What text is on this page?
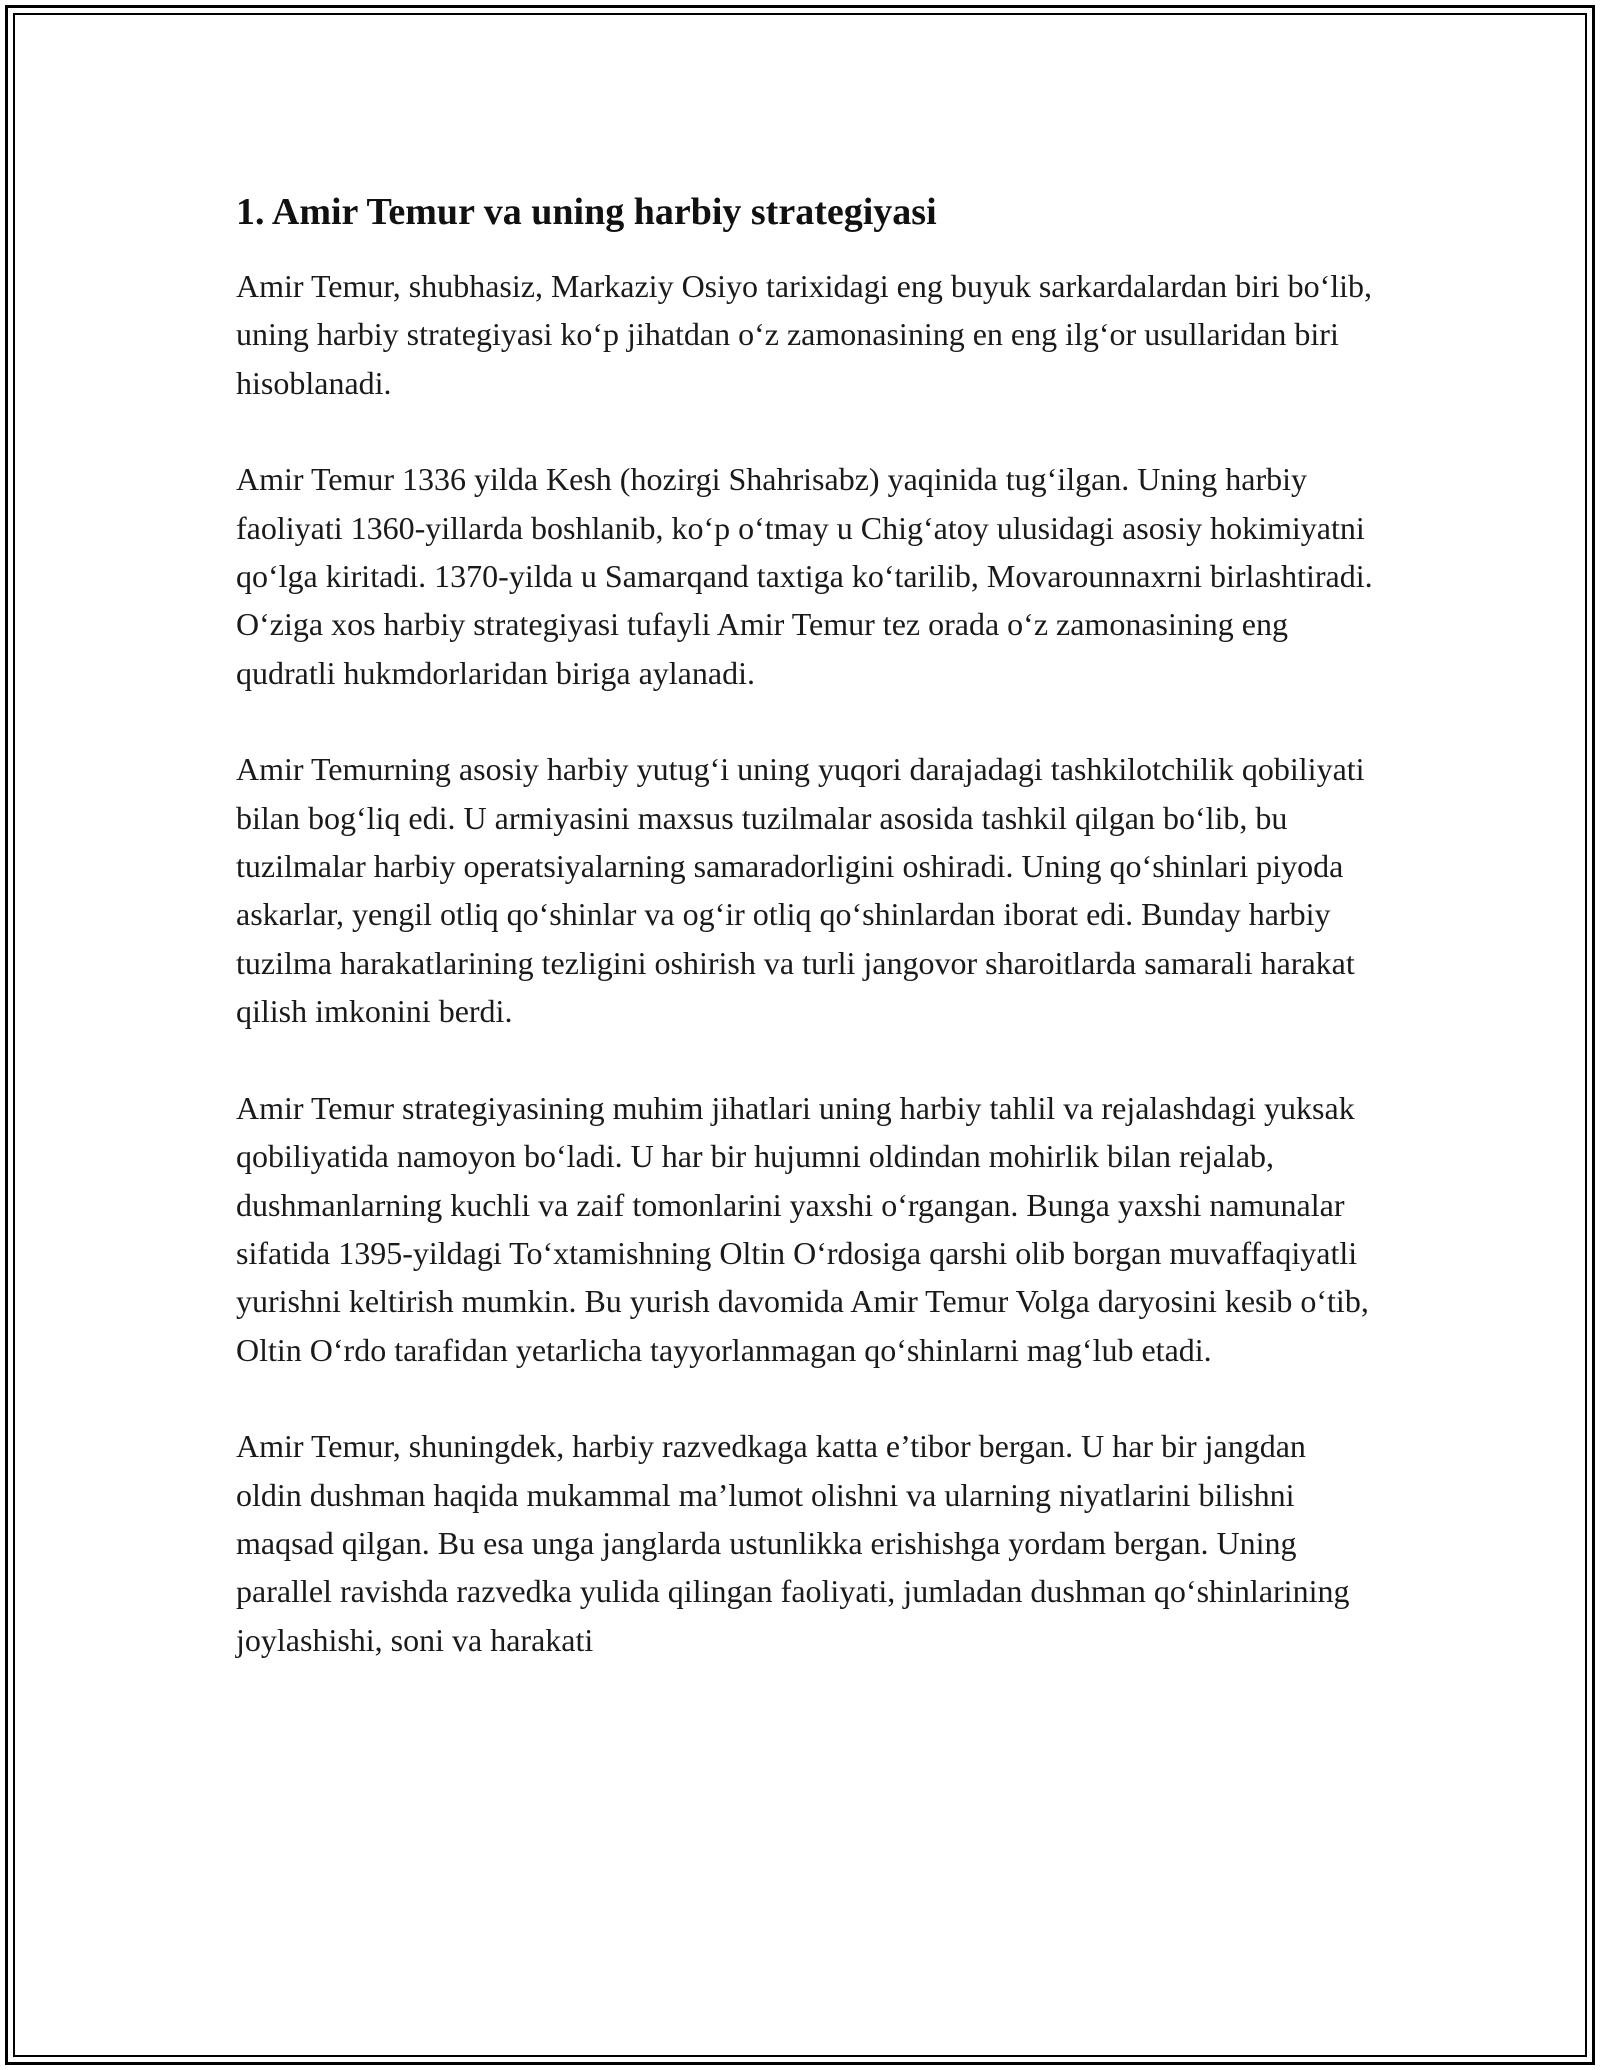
1. Amir Temur va uning harbiy strategiyasi

Amir Temur, shubhasiz, Markaziy Osiyo tarixidagi eng buyuk sarkardalardan biri bo‘lib, uning harbiy strategiyasi ko‘p jihatdan o‘z zamonasining en eng ilg‘or usullaridan biri hisoblanadi.

Amir Temur 1336 yilda Kesh (hozirgi Shahrisabz) yaqinida tug‘ilgan. Uning harbiy faoliyati 1360-yillarda boshlanib, ko‘p o‘tmay u Chig‘atoy ulusidagi asosiy hokimiyatni qo‘lga kiritadi. 1370-yilda u Samarqand taxtiga ko‘tarilib, Movarounnaxrni birlashtiradi. O‘ziga xos harbiy strategiyasi tufayli Amir Temur tez orada o‘z zamonasining eng qudratli hukmdorlaridan biriga aylanadi.

Amir Temurning asosiy harbiy yutug‘i uning yuqori darajadagi tashkilotchilik qobiliyati bilan bog‘liq edi. U armiyasini maxsus tuzilmalar asosida tashkil qilgan bo‘lib, bu tuzilmalar harbiy operatsiyalarning samaradorligini oshiradi. Uning qo‘shinlari piyoda askarlar, yengil otliq qo‘shinlar va og‘ir otliq qo‘shinlardan iborat edi. Bunday harbiy tuzilma harakatlarining tezligini oshirish va turli jangovor sharoitlarda samarali harakat qilish imkonini berdi.

Amir Temur strategiyasining muhim jihatlari uning harbiy tahlil va rejalashdagi yuksak qobiliyatida namoyon bo‘ladi. U har bir hujumni oldindan mohirlik bilan rejalab, dushmanlarning kuchli va zaif tomonlarini yaxshi o‘rgangan. Bunga yaxshi namunalar sifatida 1395-yildagi To‘xtamishning Oltin O‘rdosiga qarshi olib borgan muvaffaqiyatli yurishni keltirish mumkin. Bu yurish davomida Amir Temur Volga daryosini kesib o‘tib, Oltin O‘rdo tarafidan yetarlicha tayyorlanmagan qo‘shinlarni mag‘lub etadi.

Amir Temur, shuningdek, harbiy razvedkaga katta e’tibor bergan. U har bir jangdan oldin dushman haqida mukammal ma’lumot olishni va ularning niyatlarini bilishni maqsad qilgan. Bu esa unga janglarda ustunlikka erishishga yordam bergan. Uning parallel ravishda razvedka yulida qilingan faoliyati, jumladan dushman qo‘shinlarining joylashishi, soni va harakati
